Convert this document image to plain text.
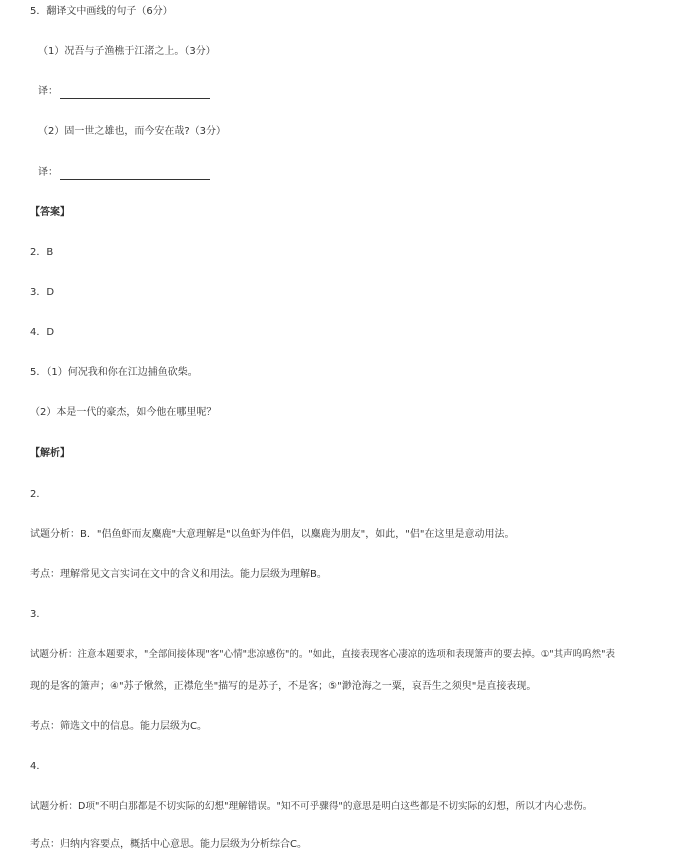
5．翻译文中画线的句子（6分）
（1）况吾与子渔樵于江渚之上。（3分）
译：
（2）固一世之雄也，而今安在哉?（3分）
译：
【答案】
2．B
3．D
4．D
5．（1）何况我和你在江边捕鱼砍柴。
（2）本是一代的豪杰，如今他在哪里呢？
【解析】
2．
试题分析：B．"侣鱼虾而友麋鹿"大意理解是"以鱼虾为伴侣，以麋鹿为朋友"，如此，"侣"在这里是意动用法。
考点：理解常见文言实词在文中的含义和用法。能力层级为理解B。
3．
试题分析：注意本题要求，"全部间接体现"客"心情"悲凉感伤"的。"如此，直接表现客心凄凉的选项和表现箫声的要去掉。①"其声呜呜然"表
现的是客的箫声；④"苏子愀然，正襟危坐"描写的是苏子，不是客；⑤"渺沧海之一粟，哀吾生之须臾"是直接表现。
考点：筛选文中的信息。能力层级为C。
4．
试题分析：D项"不明白那都是不切实际的幻想"理解错误。"知不可乎骤得"的意思是明白这些都是不切实际的幻想，所以才内心悲伤。
考点：归纳内容要点，概括中心意思。能力层级为分析综合C。
